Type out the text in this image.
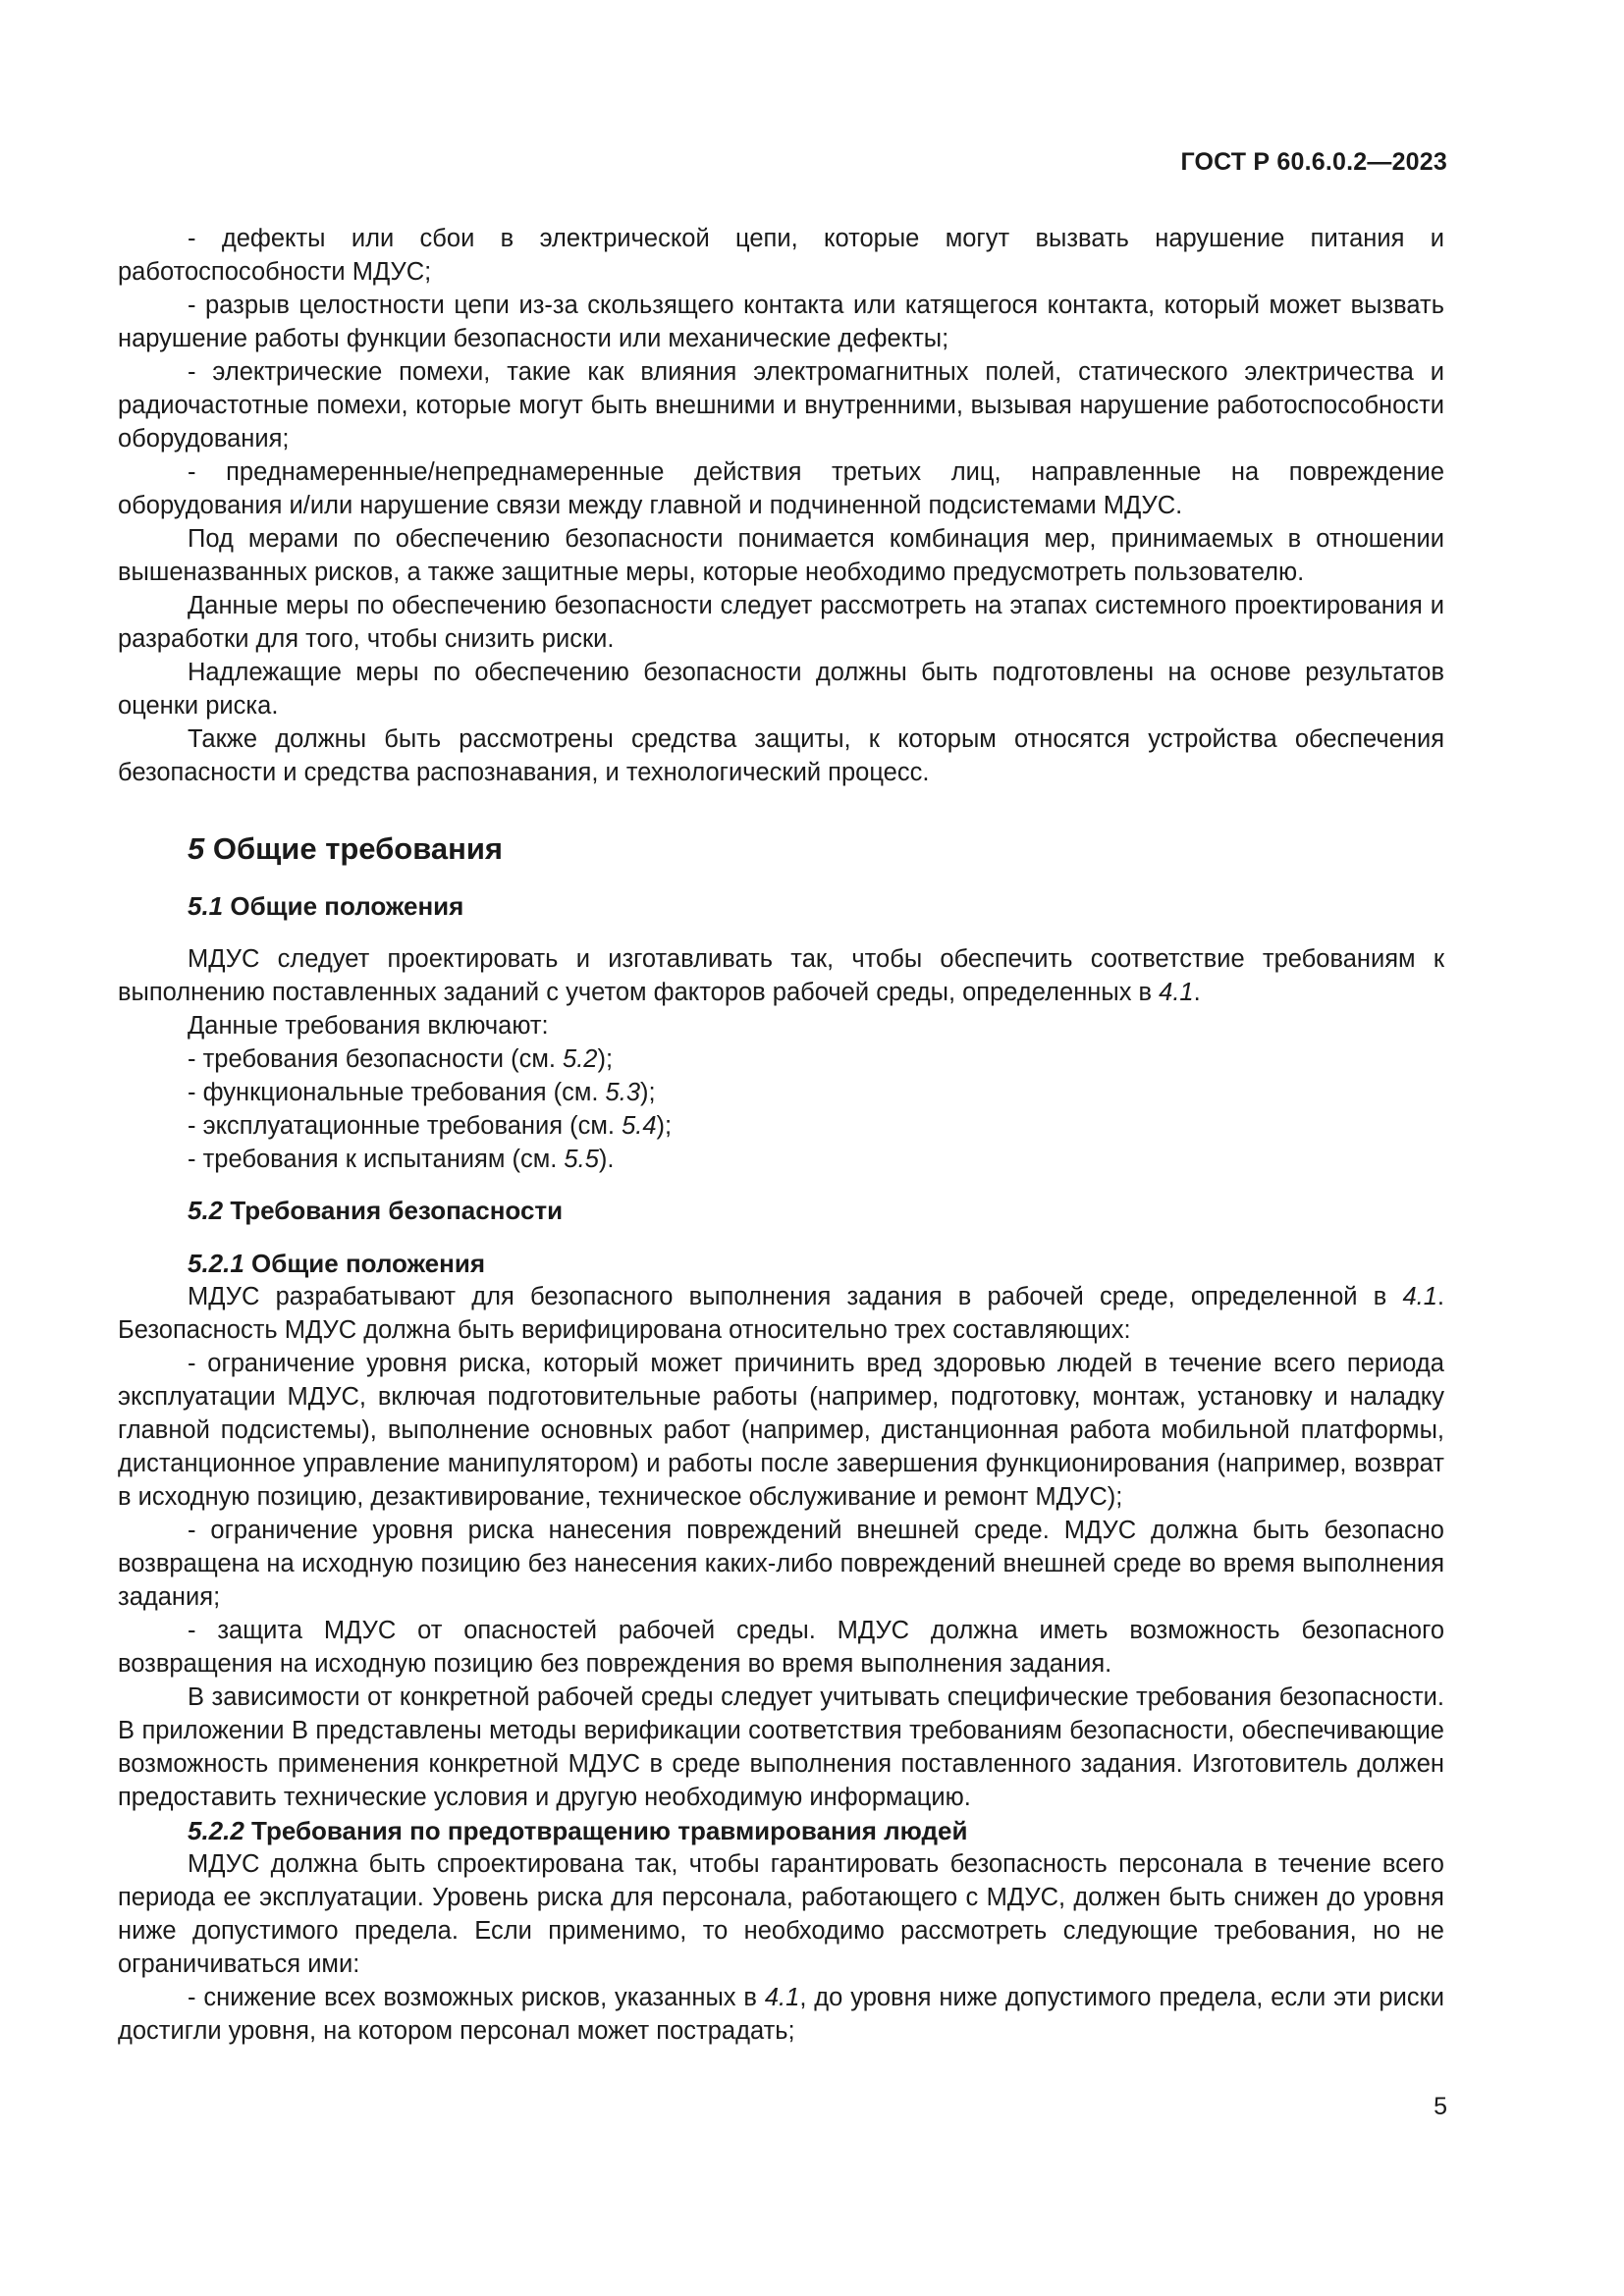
ГОСТ Р 60.6.0.2—2023

- дефекты или сбои в электрической цепи, которые могут вызвать нарушение питания и работоспособности МДУС;

- разрыв целостности цепи из-за скользящего контакта или катящегося контакта, который может вызвать нарушение работы функции безопасности или механические дефекты;

- электрические помехи, такие как влияния электромагнитных полей, статического электричества и радиочастотные помехи, которые могут быть внешними и внутренними, вызывая нарушение работоспособности оборудования;

- преднамеренные/непреднамеренные действия третьих лиц, направленные на повреждение оборудования и/или нарушение связи между главной и подчиненной подсистемами МДУС.

Под мерами по обеспечению безопасности понимается комбинация мер, принимаемых в отношении вышеназванных рисков, а также защитные меры, которые необходимо предусмотреть пользователю.

Данные меры по обеспечению безопасности следует рассмотреть на этапах системного проектирования и разработки для того, чтобы снизить риски.

Надлежащие меры по обеспечению безопасности должны быть подготовлены на основе результатов оценки риска.

Также должны быть рассмотрены средства защиты, к которым относятся устройства обеспечения безопасности и средства распознавания, и технологический процесс.

5 Общие требования
5.1 Общие положения

МДУС следует проектировать и изготавливать так, чтобы обеспечить соответствие требованиям к выполнению поставленных заданий с учетом факторов рабочей среды, определенных в 4.1.

Данные требования включают:

- требования безопасности (см. 5.2);
- функциональные требования (см. 5.3);
- эксплуатационные требования (см. 5.4);
- требования к испытаниям (см. 5.5).
5.2 Требования безопасности
5.2.1 Общие положения

МДУС разрабатывают для безопасного выполнения задания в рабочей среде, определенной в 4.1. Безопасность МДУС должна быть верифицирована относительно трех составляющих:

- ограничение уровня риска, который может причинить вред здоровью людей в течение всего периода эксплуатации МДУС, включая подготовительные работы (например, подготовку, монтаж, установку и наладку главной подсистемы), выполнение основных работ (например, дистанционная работа мобильной платформы, дистанционное управление манипулятором) и работы после завершения функционирования (например, возврат в исходную позицию, дезактивирование, техническое обслуживание и ремонт МДУС);

- ограничение уровня риска нанесения повреждений внешней среде. МДУС должна быть безопасно возвращена на исходную позицию без нанесения каких-либо повреждений внешней среде во время выполнения задания;

- защита МДУС от опасностей рабочей среды. МДУС должна иметь возможность безопасного возвращения на исходную позицию без повреждения во время выполнения задания.

В зависимости от конкретной рабочей среды следует учитывать специфические требования безопасности. В приложении В представлены методы верификации соответствия требованиям безопасности, обеспечивающие возможность применения конкретной МДУС в среде выполнения поставленного задания. Изготовитель должен предоставить технические условия и другую необходимую информацию.

5.2.2 Требования по предотвращению травмирования людей

МДУС должна быть спроектирована так, чтобы гарантировать безопасность персонала в течение всего периода ее эксплуатации. Уровень риска для персонала, работающего с МДУС, должен быть снижен до уровня ниже допустимого предела. Если применимо, то необходимо рассмотреть следующие требования, но не ограничиваться ими:

- снижение всех возможных рисков, указанных в 4.1, до уровня ниже допустимого предела, если эти риски достигли уровня, на котором персонал может пострадать;

5
